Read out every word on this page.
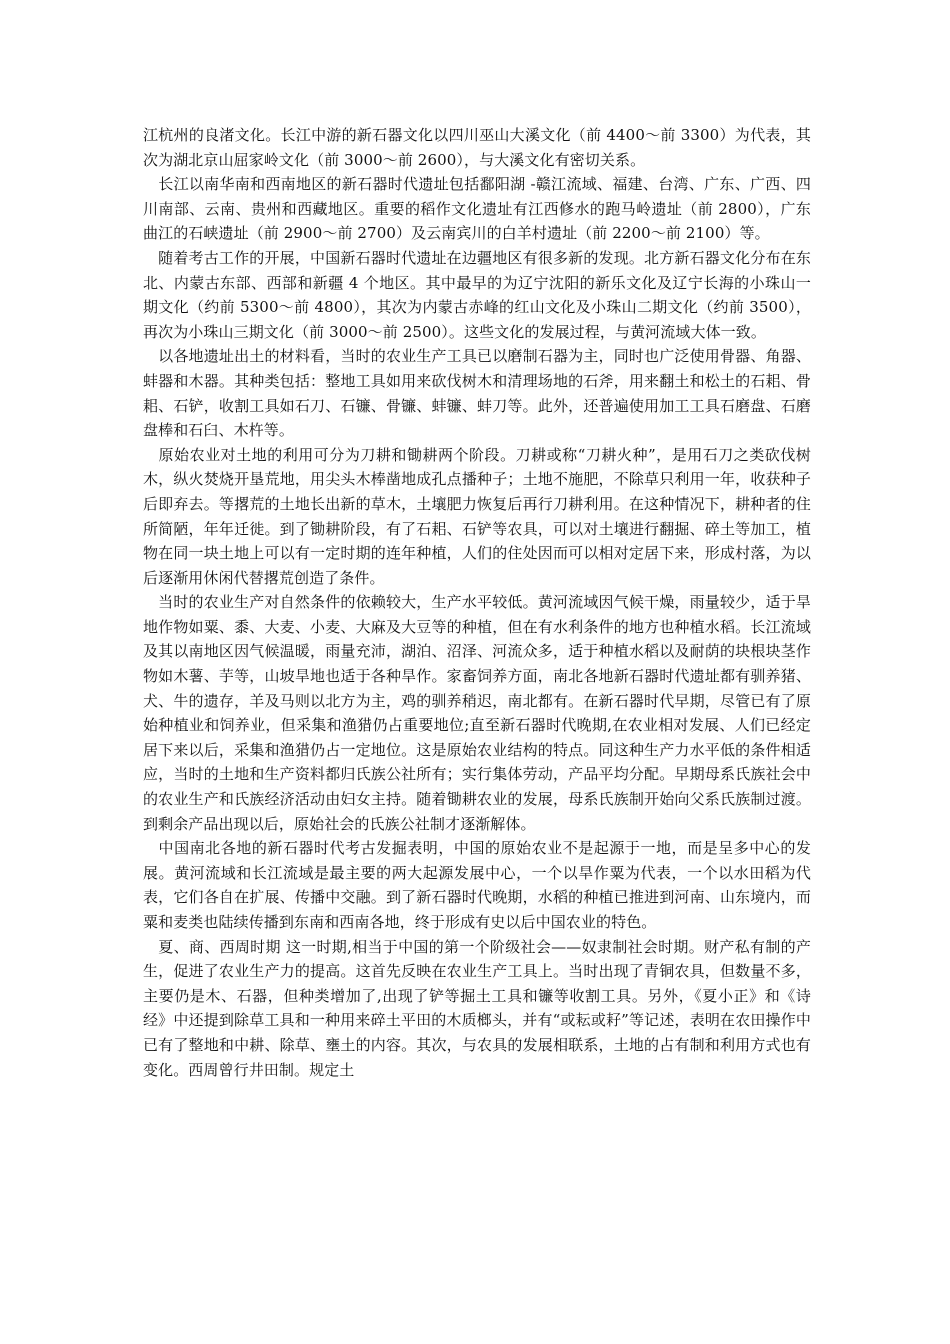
江杭州的良渚文化。长江中游的新石器文化以四川巫山大溪文化（前 4400～前 3300）为代表，其次为湖北京山屈家岭文化（前 3000～前 2600），与大溪文化有密切关系。

　长江以南华南和西南地区的新石器时代遗址包括鄱阳湖 -赣江流域、福建、台湾、广东、广西、四川南部、云南、贵州和西藏地区。重要的稻作文化遗址有江西修水的跑马岭遗址（前 2800），广东曲江的石峡遗址（前 2900～前 2700）及云南宾川的白羊村遗址（前 2200～前 2100）等。

　随着考古工作的开展，中国新石器时代遗址在边疆地区有很多新的发现。北方新石器文化分布在东北、内蒙古东部、西部和新疆 4 个地区。其中最早的为辽宁沈阳的新乐文化及辽宁长海的小珠山一期文化（约前 5300～前 4800），其次为内蒙古赤峰的红山文化及小珠山二期文化（约前 3500），再次为小珠山三期文化（前 3000～前 2500）。这些文化的发展过程，与黄河流域大体一致。

　以各地遗址出土的材料看，当时的农业生产工具已以磨制石器为主，同时也广泛使用骨器、角器、蚌器和木器。其种类包括：整地工具如用来砍伐树木和清理场地的石斧，用来翻土和松土的石耜、骨耜、石铲，收割工具如石刀、石镰、骨镰、蚌镰、蚌刀等。此外，还普遍使用加工工具石磨盘、石磨盘棒和石臼、木杵等。

　原始农业对土地的利用可分为刀耕和锄耕两个阶段。刀耕或称“刀耕火种”，是用石刀之类砍伐树木，纵火焚烧开垦荒地，用尖头木棒凿地成孔点播种子；土地不施肥，不除草只利用一年，收获种子后即弃去。等撂荒的土地长出新的草木，土壤肥力恢复后再行刀耕利用。在这种情况下，耕种者的住所简陋，年年迁徙。到了锄耕阶段，有了石耜、石铲等农具，可以对土壤进行翻掘、碎土等加工，植物在同一块土地上可以有一定时期的连年种植，人们的住处因而可以相对定居下来，形成村落，为以后逐渐用休闲代替撂荒创造了条件。

　当时的农业生产对自然条件的依赖较大，生产水平较低。黄河流域因气候干燥，雨量较少，适于旱地作物如粟、黍、大麦、小麦、大麻及大豆等的种植，但在有水利条件的地方也种植水稻。长江流域及其以南地区因气候温暖，雨量充沛，湖泊、沼泽、河流众多，适于种植水稻以及耐荫的块根块茎作物如木薯、芋等，山坡旱地也适于各种旱作。家畜饲养方面，南北各地新石器时代遗址都有驯养猪、犬、牛的遗存，羊及马则以北方为主，鸡的驯养稍迟，南北都有。在新石器时代早期，尽管已有了原始种植业和饲养业，但采集和渔猎仍占重要地位;直至新石器时代晚期,在农业相对发展、人们已经定居下来以后，采集和渔猎仍占一定地位。这是原始农业结构的特点。同这种生产力水平低的条件相适应，当时的土地和生产资料都归氏族公社所有；实行集体劳动，产品平均分配。早期母系氏族社会中的农业生产和氏族经济活动由妇女主持。随着锄耕农业的发展，母系氏族制开始向父系氏族制过渡。到剩余产品出现以后，原始社会的氏族公社制才逐渐解体。

　中国南北各地的新石器时代考古发掘表明，中国的原始农业不是起源于一地，而是呈多中心的发展。黄河流域和长江流域是最主要的两大起源发展中心，一个以旱作粟为代表，一个以水田稻为代表，它们各自在扩展、传播中交融。到了新石器时代晚期，水稻的种植已推进到河南、山东境内，而粟和麦类也陆续传播到东南和西南各地，终于形成有史以后中国农业的特色。

　夏、商、西周时期 这一时期,相当于中国的第一个阶级社会——奴隶制社会时期。财产私有制的产生，促进了农业生产力的提高。这首先反映在农业生产工具上。当时出现了青铜农具，但数量不多，主要仍是木、石器，但种类增加了,出现了铲等掘土工具和镰等收割工具。另外，《夏小正》和《诗经》中还提到除草工具和一种用来碎土平田的木质榔头，并有“或耘或耔”等记述，表明在农田操作中已有了整地和中耕、除草、壅土的内容。其次，与农具的发展相联系，土地的占有制和利用方式也有变化。西周曾行井田制。规定土
